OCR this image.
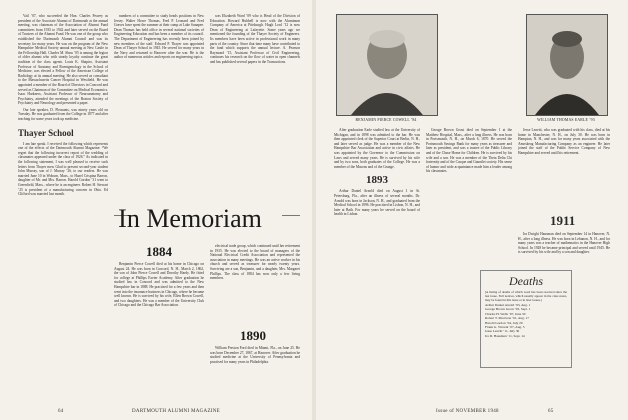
Vail ’07, who succeeded the Hon. Charles Peavey as president of the Associate Alumni of Dartmouth at the annual meeting, was chairman of the Association of Alumni Fund committees from 1935 to 1942 and later served on the Board of Trustees of the Alumni Fund. He was one of the group who established the Dartmouth Alumni Council and was its secretary for many years. He was on the program of the New Hampshire Medical Society annual meeting at New Castle in the Fellowship Hall. Charles M. Shaw ’05 is among the legion of older alumni who with steady loyalty continue the great tradition of the class agents. Louis K. Shapiro, Assistant Professor of Anatomy and Roentgenology in the School of Medicine, was elected a Fellow of the American College of Radiology at its annual meeting. He also served as consultant to the Massachusetts Cancer Hospital in Westfield. He was appointed a member of the Board of Directors in Concord and served as Chairman of the Committee on Medical Economics. Isaac Harkness, Assistant Professor of Neuroanatomy and Psychiatry, attended the meetings of the Boston Society of Psychiatry and Neurology and presented a paper.

Our late speaker, D. Pleasants, was ninety years old on Tuesday. He was graduated from the College in 1877 and after teaching for some years took up medicine.

Thayer School

I am late speak. I received the following which represents one of the effects of the Dartmouth Alumni Magazine: “We regret that the following incorrect report of the wedding of classmates appeared under the class of 1926.” As indicated in the following statement, I was well pleased to receive such letters from Thayer men. Glad to present second-year student John Murray, son of J. Murray ’26, to our readers. He was married June 10 in Woburn, Mass., to Hazel Crispina Barron, daughter of Mr. and Mrs. Barron. Harold Gordon ’31 went to Greenfield, Mass., where he is an engineer. Robert H. Stewart ’25 is president of a manufacturing concern in Ohio. Ed Clifford was married last month.

numbers of a committee to study heads positions in New Jersey. Walter Howe Thomas, Fred P. Leonard and Fred Graves have spent the summer at their camp at Lake Sunapee. Dean Thomas has held office in several national societies of Engineering Education and has been a member of its council. The Department of Engineering has recently been joined by new members of the staff. Edward P. Thayer was appointed Dean of Thayer School in 1945. He served for many years in the Navy and returned to Hanover after the war. He is the author of numerous articles and reports on engineering topics.

was Elizabeth Ward ’09 who is Head of the Division of Education. Howard Hubbell is now with the Aluminum Company of America at Pittsburgh. Hugh Lord ’12 is now Dean of Engineering at Lafayette. Some years ago we mentioned the founding of the Thayer Society of Engineers. Its members have been active in professional work in many parts of the country. Since that time many have contributed to the fund which supports the annual lecture. A. Pearson Raymond ’15, Assistant Professor of Civil Engineering, continues his research on the flow of water in open channels and has published several papers in the Transactions.

In Memoriam
1884

Benjamin Pierce Cowell died at his home in Chicago on August 24. He was born in Concord, N. H., March 2, 1862, the son of John Pierce Cowell and Dorothy Hardy. He fitted for college at Phillips Exeter Academy. After graduation he studied law in Concord and was admitted to the New Hampshire bar in 1888. He practised for a few years and then went into the insurance business in Chicago, where he became well known. He is survived by his wife, Ellen Brown Cowell, and two daughters. He was a member of the University Club of Chicago and the Chicago Bar Association.

electrical trade group, which continued until her retirement in 1935. He was elected to the board of managers of the National Electrical Credit Association and represented the association in many meetings. He was an active worker in his church and served as treasurer for nearly twenty years. Surviving are a son, Benjamin, and a daughter, Mrs. Margaret Phillips. The class of 1884 has now only a few living members.

1890

William Preston Ford died in Miami, Fla., on June 25. He was born December 27, 1867, at Hanover. After graduation he studied medicine at the University of Pennsylvania and practised for many years in Philadelphia.

64	DARTMOUTH ALUMNI MAGAZINE
BENJAMIN PIERCE COWELL ’84	WILLIAM THOMAS EARLE ’93

After graduation Earle studied law at the University of Michigan, and in 1898 was admitted to the bar. He was then appointed clerk of the Superior Court at Berlin, N. H., and later served as judge. He was a member of the New Hampshire Bar Association and active in civic affairs. He was appointed by the Governor to the Commission on Laws and served many years. He is survived by his wife and by two sons, both graduates of the College. He was a member of the Masons and of the Grange.

1893

Arthur Daniel Arnold died on August 1 in St. Petersburg, Fla., after an illness of several months. Dr. Arnold was born in Jackson, N. H., and graduated from the Medical School in 1896. He practised in Lisbon, N. H., and later at Bath. For many years he served on the board of health in Lisbon.

George Brown Grout died on September 1 at the Matthew Hospital, Mass., after a long illness. He was born in Portsmouth, N. H., on March 6, 1870. He served the Portsmouth Savings Bank for many years as treasurer and later as president, and was a trustee of the Public Library and of the Chase Home for Children. He is survived by his wife and a son. He was a member of the Theta Delta Chi fraternity and of the Casque and Gauntlet society. His sense of humor and wide acquaintance made him a leader among his classmates.

Jesse Leavitt, who was graduated with his class, died at his home in Manchester, N. H., on July 30. He was born in Hampton, N. H., and was for many years associated with the Amoskeag Manufacturing Company as an engineer. He later joined the staff of the Public Service Company of New Hampshire and served until his retirement.

1911

Ira Dwight Hausman died on September 14 in Hanover, N. H., after a long illness. He was born in Lebanon, N. H., and for many years was a teacher of mathematics in the Hanover High School. In 1928 he became principal and served until 1945. He is survived by his wife and by a son and daughter.

Issue of NOVEMBER 1948	65
Deaths
[A listing of deaths of which word has been received since the last issue. Full notices, which usually appear in the class notes, may be found in this issue or in later issues.]
Arthur Daniel Arnold ’93, Aug. 1
George Brown Grout ’93, Sept. 1
Charles H. Wells ’97, June 30
Robert T. Morrison ’01, Aug. 17
Harold Gordon ’04, July 20
Frank G. Vincent ’07, Aug. 3
Jesse Leavitt ’11, July 30
Ira D. Hausman ’11, Sept. 14
